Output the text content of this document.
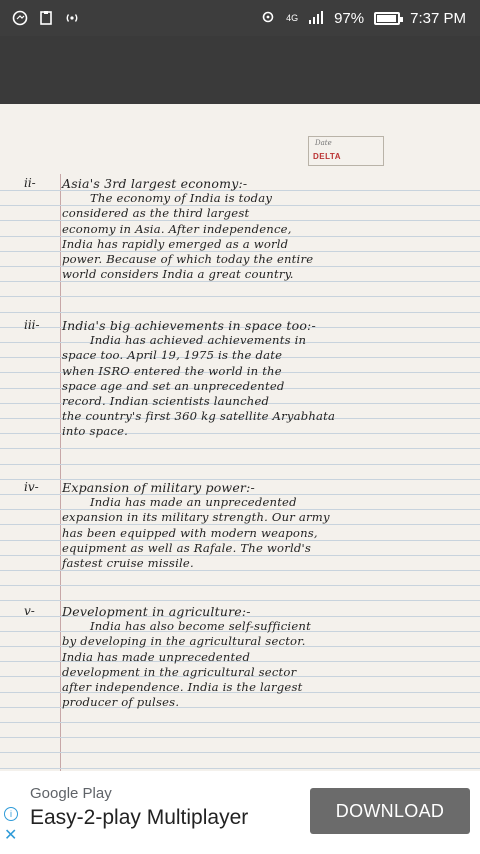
4G 97%	7:37 PM
Date
DELTA
ii- Asia's 3rd largest economy:-
The economy of India is today
considered as the third largest
economy in Asia. After independence,
India has rapidly emerged as a world
power. Because of which today the entire
world considers India a great country.
iii- India's big achievements in space too:-
India has achieved achievements in
space too. April 19, 1975 is the date
when ISRO entered the world in the
space age and set an unprecedented
record. Indian scientists launched
the country's first 360 kg satellite Aryabhata
into space.
iv- Expansion of military power:-
India has made an unprecedented
expansion in its military strength. Our army
has been equipped with modern weapons,
equipment as well as Rafale. The world's
fastest cruise missile.
v- Development in agriculture:-
India has also become self-sufficient
by developing in the agricultural sector.
India has made unprecedented
development in the agricultural sector
after independence. India is the largest
producer of pulses.
i
✕
Google Play
Easy-2-play Multiplayer	DOWNLOAD
